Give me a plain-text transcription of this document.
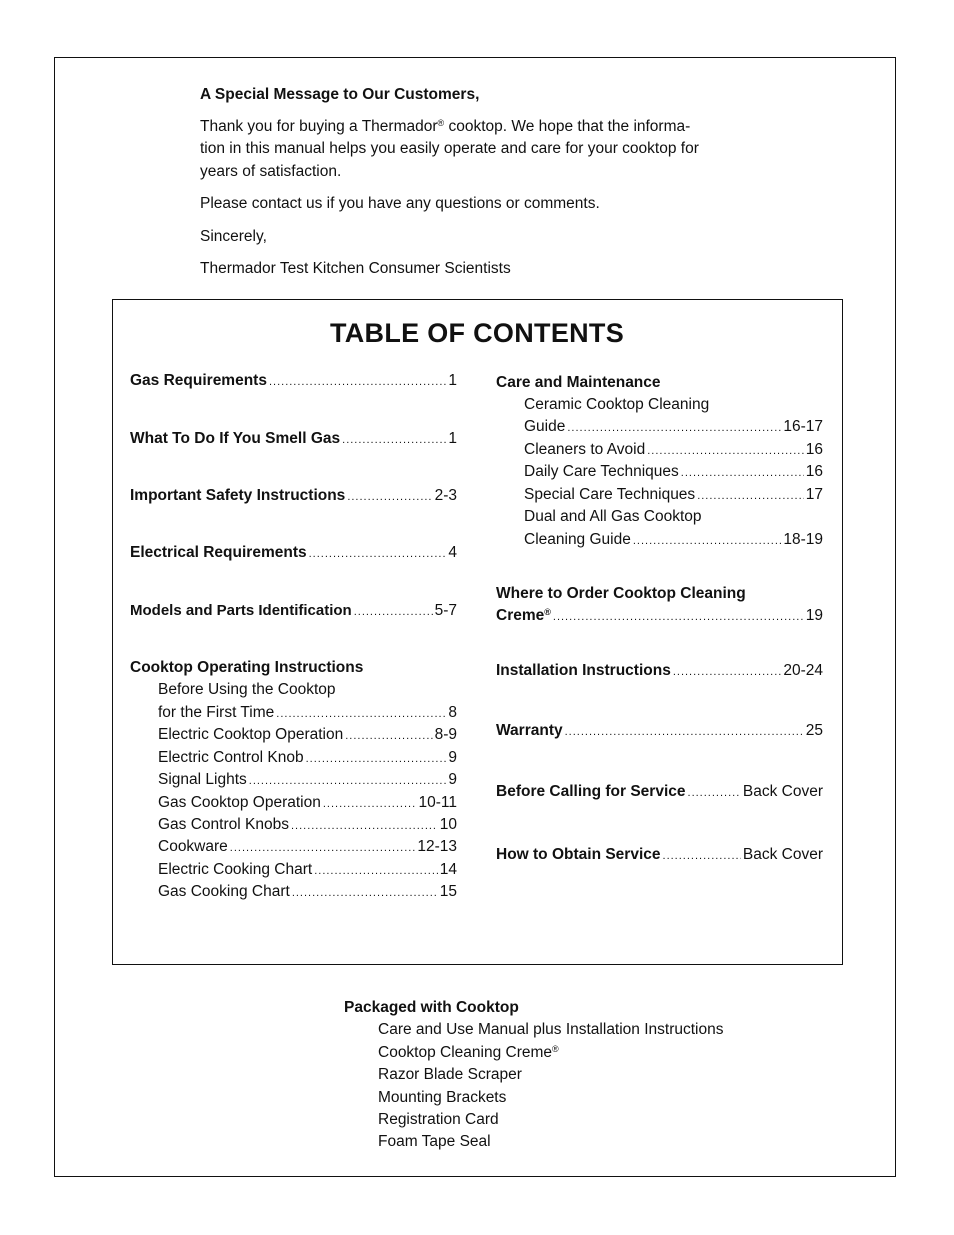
A Special Message to Our Customers,

Thank you for buying a Thermador® cooktop. We hope that the informa-
tion in this manual helps you easily operate and care for your cooktop for
years of satisfaction.

Please contact us if you have any questions or comments.

Sincerely,

Thermador Test Kitchen Consumer Scientists

TABLE OF CONTENTS
Gas Requirements .....	1
What To Do If You Smell Gas .....	1
Important Safety Instructions .....	2-3
Electrical Requirements .....	4
Models and Parts Identification .....	5-7
Cooktop Operating Instructions
Before Using the Cooktop
for the First Time .....	8
Electric Cooktop Operation .....	8-9
Electric Control Knob .....	9
Signal Lights .....	9
Gas Cooktop Operation .....	10-11
Gas Control Knobs .....	10
Cookware .....	12-13
Electric Cooking Chart .....	14
Gas Cooking Chart .....	15
Care and Maintenance
Ceramic Cooktop Cleaning
Guide .....	16-17
Cleaners to Avoid .....	16
Daily Care Techniques .....	16
Special Care Techniques .....	17
Dual and All Gas Cooktop
Cleaning Guide .....	18-19
Where to Order Cooktop Cleaning
Creme® .....	19
Installation Instructions .....	20-24
Warranty .....	25
Before Calling for Service .....	Back Cover
How to Obtain Service .....	Back Cover
Packaged with Cooktop
Care and Use Manual plus Installation Instructions
Cooktop Cleaning Creme®
Razor Blade Scraper
Mounting Brackets
Registration Card
Foam Tape Seal
